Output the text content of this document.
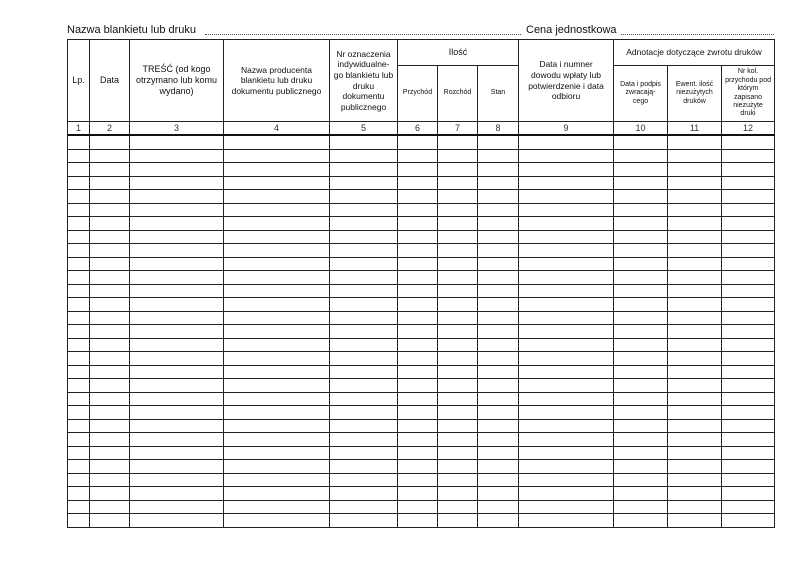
Nazwa blankietu lub druku	Cena jednostkowa
Lp.	Data	TREŚĆ (od kogo otrzymano lub komu wydano)	Nazwa producenta blankietu lub druku dokumentu publicznego	Nr oznaczenia indywidualne-go blankietu lub druku dokumentu publicznego	Ilość			Data i numner dowodu wpłaty lub potwierdzenie i data odbioru	Adnotacje dotyczące zwrotu druków		
					Przychód	Rozchód	Stan		Data i podpis zwracają-cego	Ewent. ilość niezużytych druków	Nr kol. przychodu pod którym zapisano niezużyte druki
1	2	3	4	5	6	7	8	9	10	11	12
